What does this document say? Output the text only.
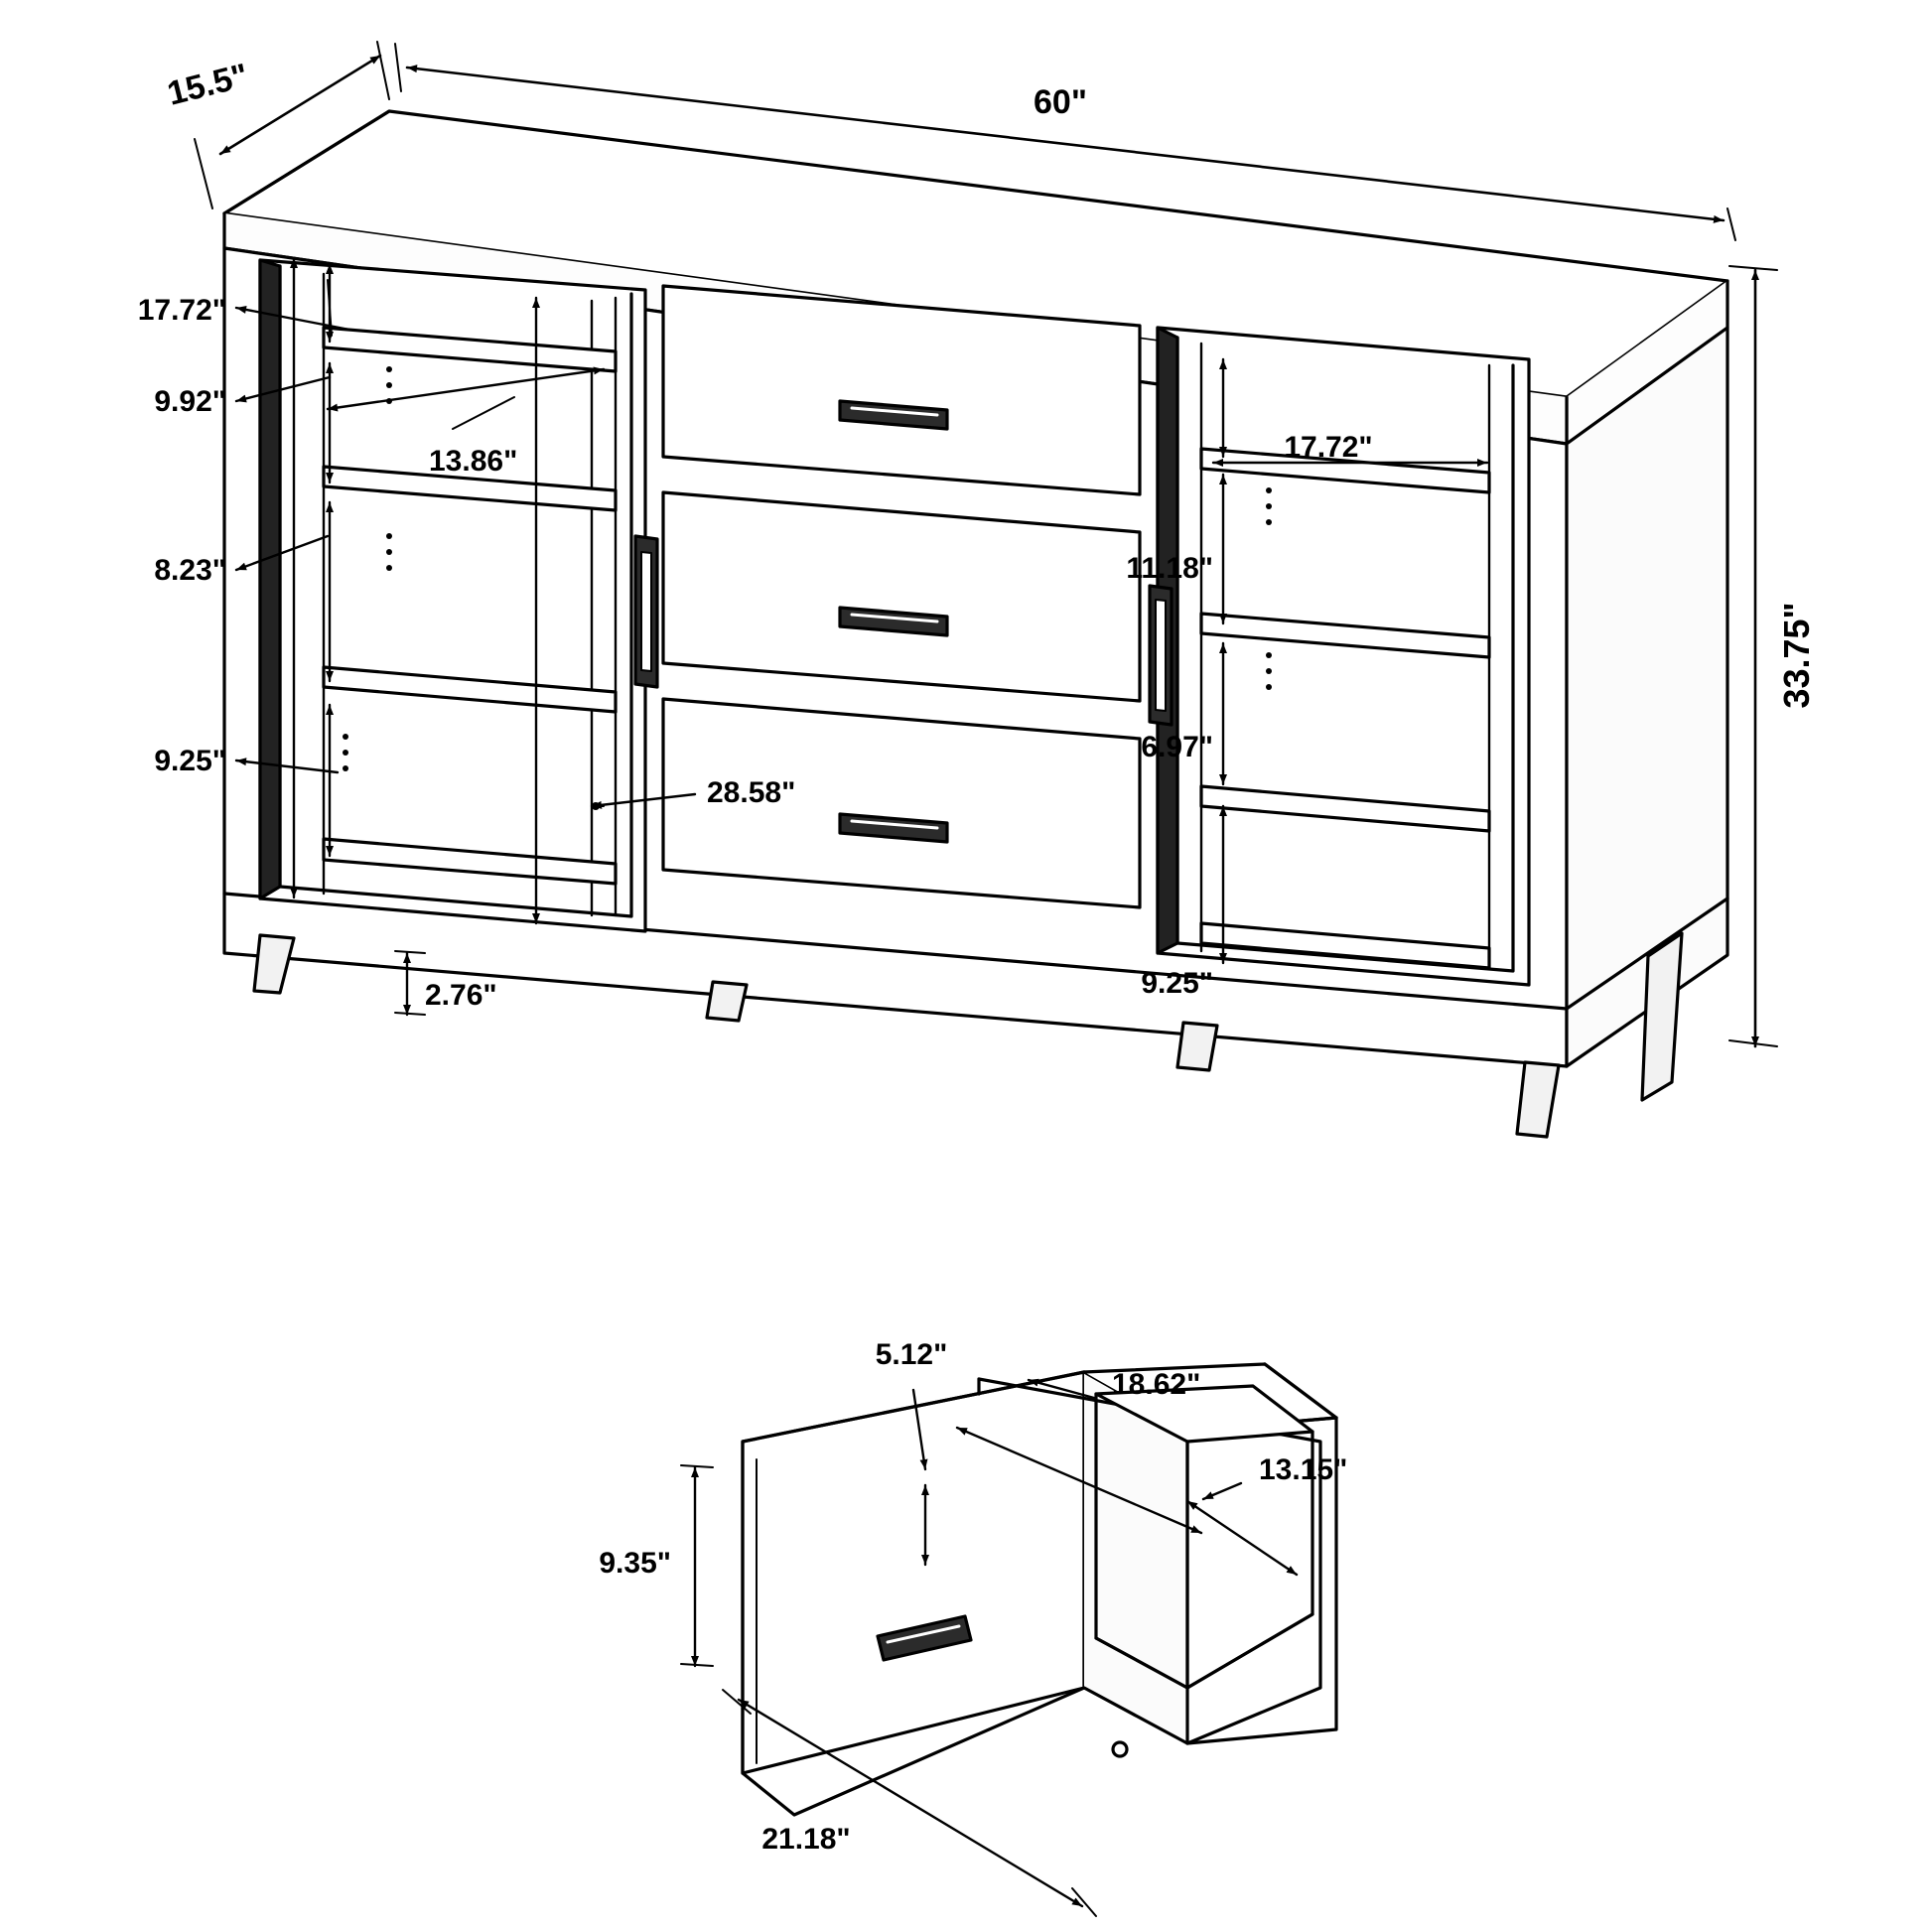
15.5"	60"
33.75"
17.72"
9.92"
13.86"
8.23"
9.25"
28.58"
2.76"
17.72"
11.18"
6.97"
9.25"
5.12"
18.62"
13.15"
9.35"
21.18"
